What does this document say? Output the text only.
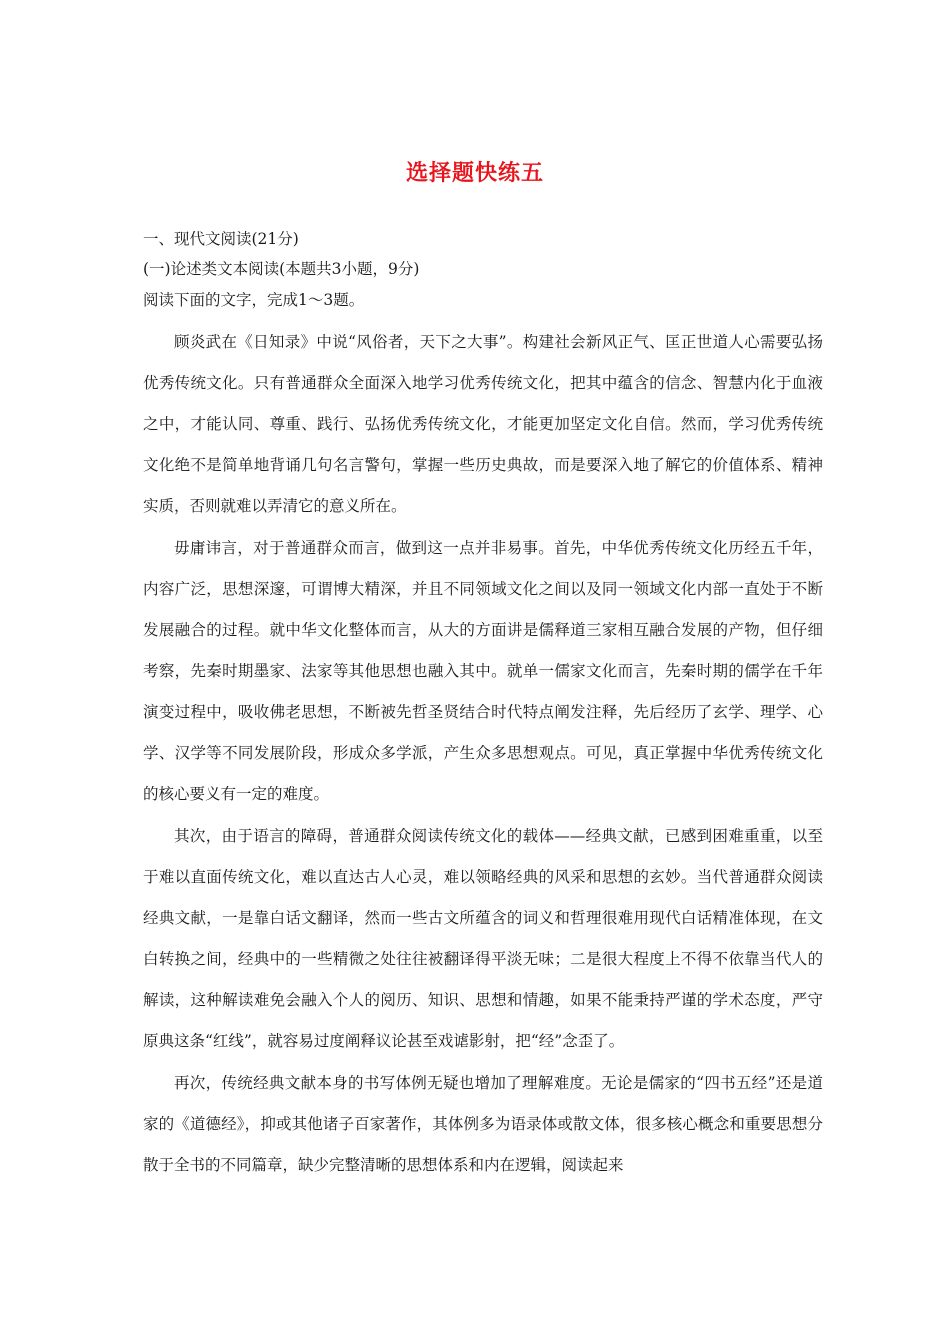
选择题快练五
一、现代文阅读(21分)
(一)论述类文本阅读(本题共3小题，9分)
阅读下面的文字，完成1～3题。

顾炎武在《日知录》中说“风俗者，天下之大事”。构建社会新风正气、匡正世道人心需要弘扬优秀传统文化。只有普通群众全面深入地学习优秀传统文化，把其中蕴含的信念、智慧内化于血液之中，才能认同、尊重、践行、弘扬优秀传统文化，才能更加坚定文化自信。然而，学习优秀传统文化绝不是简单地背诵几句名言警句，掌握一些历史典故，而是要深入地了解它的价值体系、精神实质，否则就难以弄清它的意义所在。

毋庸讳言，对于普通群众而言，做到这一点并非易事。首先，中华优秀传统文化历经五千年，内容广泛，思想深邃，可谓博大精深，并且不同领域文化之间以及同一领域文化内部一直处于不断发展融合的过程。就中华文化整体而言，从大的方面讲是儒释道三家相互融合发展的产物，但仔细考察，先秦时期墨家、法家等其他思想也融入其中。就单一儒家文化而言，先秦时期的儒学在千年演变过程中，吸收佛老思想，不断被先哲圣贤结合时代特点阐发注释，先后经历了玄学、理学、心学、汉学等不同发展阶段，形成众多学派，产生众多思想观点。可见，真正掌握中华优秀传统文化的核心要义有一定的难度。

其次，由于语言的障碍，普通群众阅读传统文化的载体——经典文献，已感到困难重重，以至于难以直面传统文化，难以直达古人心灵，难以领略经典的风采和思想的玄妙。当代普通群众阅读经典文献，一是靠白话文翻译，然而一些古文所蕴含的词义和哲理很难用现代白话精准体现，在文白转换之间，经典中的一些精微之处往往被翻译得平淡无味；二是很大程度上不得不依靠当代人的解读，这种解读难免会融入个人的阅历、知识、思想和情趣，如果不能秉持严谨的学术态度，严守原典这条“红线”，就容易过度阐释议论甚至戏谑影射，把“经”念歪了。

再次，传统经典文献本身的书写体例无疑也增加了理解难度。无论是儒家的“四书五经”还是道家的《道德经》，抑或其他诸子百家著作，其体例多为语录体或散文体，很多核心概念和重要思想分散于全书的不同篇章，缺少完整清晰的思想体系和内在逻辑，阅读起来
